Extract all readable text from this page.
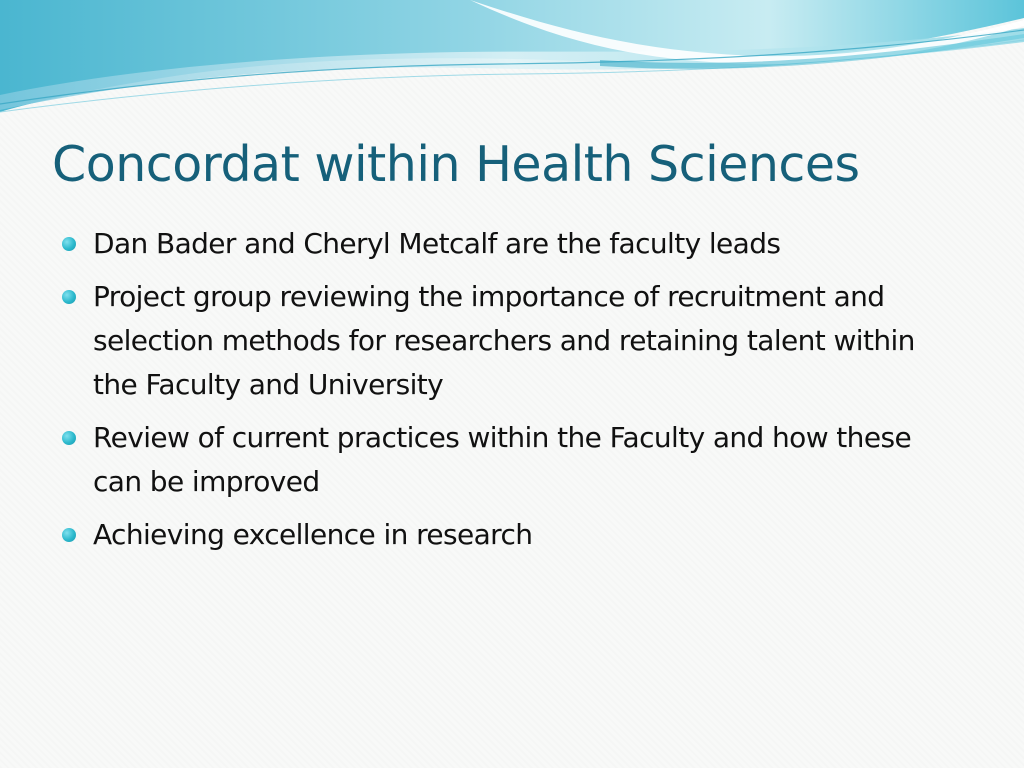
Concordat within Health Sciences
Dan Bader and Cheryl Metcalf are the faculty leads
Project group reviewing the importance of recruitment and selection methods for researchers and retaining talent within the Faculty and University
Review of current practices within the Faculty and how these can be improved
Achieving excellence in research
